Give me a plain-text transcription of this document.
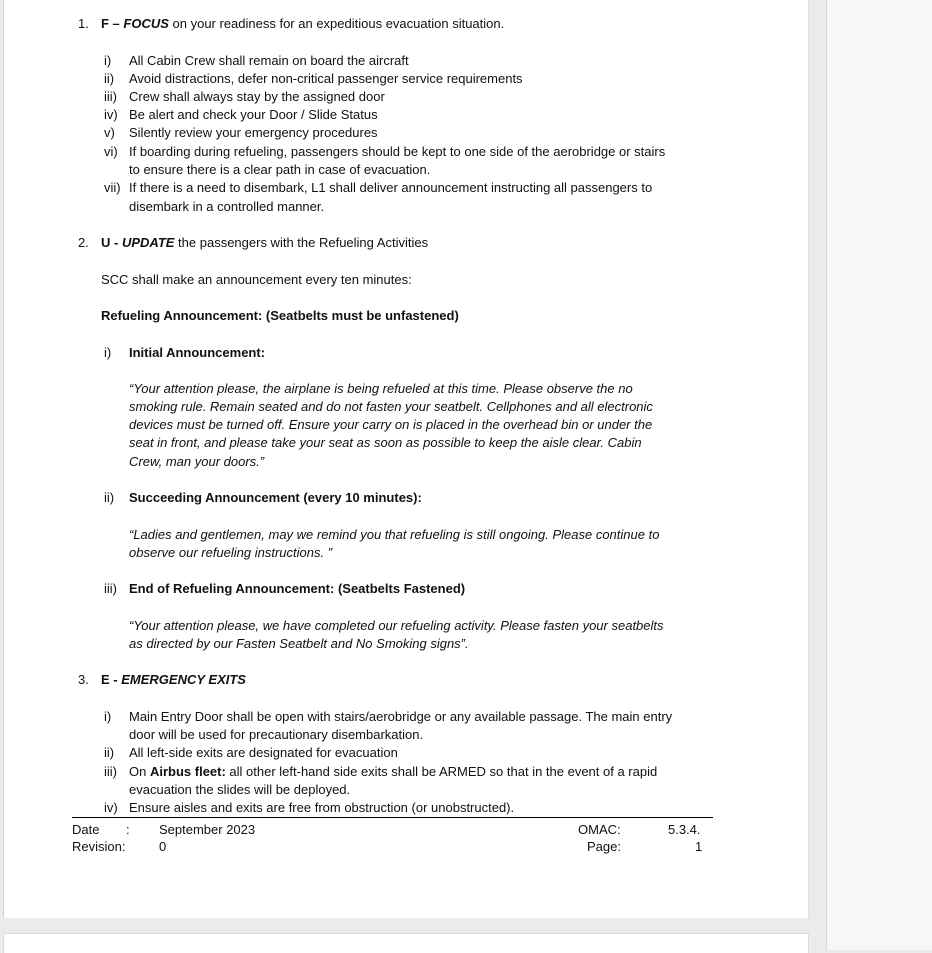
1. F – FOCUS on your readiness for an expeditious evacuation situation.
i) All Cabin Crew shall remain on board the aircraft
ii) Avoid distractions, defer non-critical passenger service requirements
iii) Crew shall always stay by the assigned door
iv) Be alert and check your Door / Slide Status
v) Silently review your emergency procedures
vi) If boarding during refueling, passengers should be kept to one side of the aerobridge or stairs
to ensure there is a clear path in case of evacuation.
vii) If there is a need to disembark, L1 shall deliver announcement instructing all passengers to
disembark in a controlled manner.
2. U - UPDATE the passengers with the Refueling Activities
SCC shall make an announcement every ten minutes:
Refueling Announcement: (Seatbelts must be unfastened)
i) Initial Announcement:
“Your attention please, the airplane is being refueled at this time. Please observe the no
smoking rule. Remain seated and do not fasten your seatbelt. Cellphones and all electronic
devices must be turned off. Ensure your carry on is placed in the overhead bin or under the
seat in front, and please take your seat as soon as possible to keep the aisle clear. Cabin
Crew, man your doors.”
ii) Succeeding Announcement (every 10 minutes):
“Ladies and gentlemen, may we remind you that refueling is still ongoing. Please continue to
observe our refueling instructions. ”
iii) End of Refueling Announcement: (Seatbelts Fastened)
“Your attention please, we have completed our refueling activity. Please fasten your seatbelts
as directed by our Fasten Seatbelt and No Smoking signs”.
3. E - EMERGENCY EXITS
i) Main Entry Door shall be open with stairs/aerobridge or any available passage. The main entry
door will be used for precautionary disembarkation.
ii) All left-side exits are designated for evacuation
iii) On Airbus fleet: all other left-hand side exits shall be ARMED so that in the event of a rapid
evacuation the slides will be deployed.
iv) Ensure aisles and exits are free from obstruction (or unobstructed).
Date : September 2023
Revision:	0
OMAC:	5.3.4.
Page:	1
